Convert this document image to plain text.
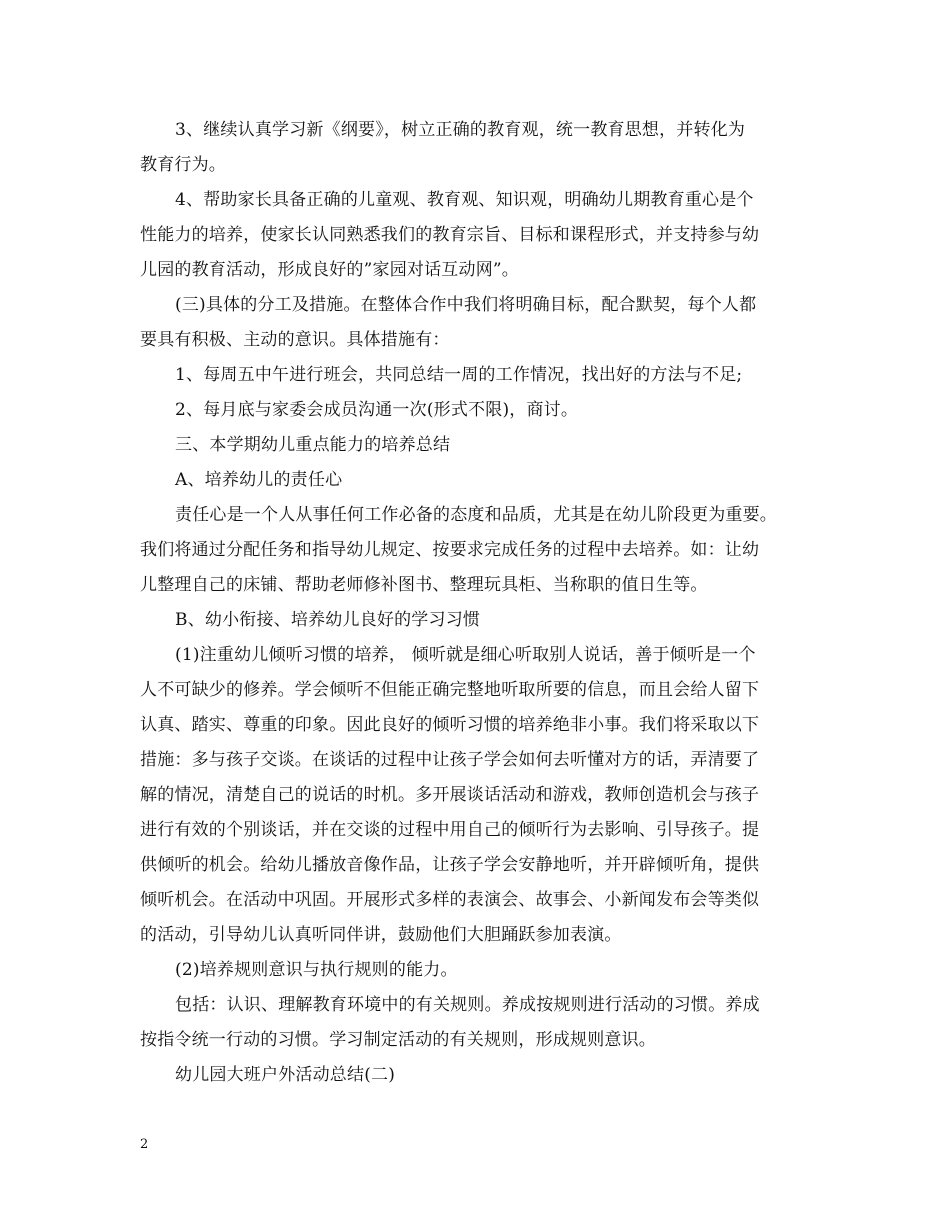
3、继续认真学习新《纲要》，树立正确的教育观，统一教育思想，并转化为
教育行为。
4、帮助家长具备正确的儿童观、教育观、知识观，明确幼儿期教育重心是个
性能力的培养，使家长认同熟悉我们的教育宗旨、目标和课程形式，并支持参与幼
儿园的教育活动，形成良好的”家园对话互动网”。
(三)具体的分工及措施。在整体合作中我们将明确目标，配合默契，每个人都
要具有积极、主动的意识。具体措施有：
1、每周五中午进行班会，共同总结一周的工作情况，找出好的方法与不足;
2、每月底与家委会成员沟通一次(形式不限)，商讨。
三、本学期幼儿重点能力的培养总结
A、培养幼儿的责任心
责任心是一个人从事任何工作必备的态度和品质，尤其是在幼儿阶段更为重要。
我们将通过分配任务和指导幼儿规定、按要求完成任务的过程中去培养。如：让幼
儿整理自己的床铺、帮助老师修补图书、整理玩具柜、当称职的值日生等。
B、幼小衔接、培养幼儿良好的学习习惯
(1)注重幼儿倾听习惯的培养， 倾听就是细心听取别人说话，善于倾听是一个
人不可缺少的修养。学会倾听不但能正确完整地听取所要的信息，而且会给人留下
认真、踏实、尊重的印象。因此良好的倾听习惯的培养绝非小事。我们将采取以下
措施：多与孩子交谈。在谈话的过程中让孩子学会如何去听懂对方的话，弄清要了
解的情况，清楚自己的说话的时机。多开展谈话活动和游戏，教师创造机会与孩子
进行有效的个别谈话，并在交谈的过程中用自己的倾听行为去影响、引导孩子。提
供倾听的机会。给幼儿播放音像作品，让孩子学会安静地听，并开辟倾听角，提供
倾听机会。在活动中巩固。开展形式多样的表演会、故事会、小新闻发布会等类似
的活动，引导幼儿认真听同伴讲，鼓励他们大胆踊跃参加表演。
(2)培养规则意识与执行规则的能力。
包括：认识、理解教育环境中的有关规则。养成按规则进行活动的习惯。养成
按指令统一行动的习惯。学习制定活动的有关规则，形成规则意识。
幼儿园大班户外活动总结(二)
2
